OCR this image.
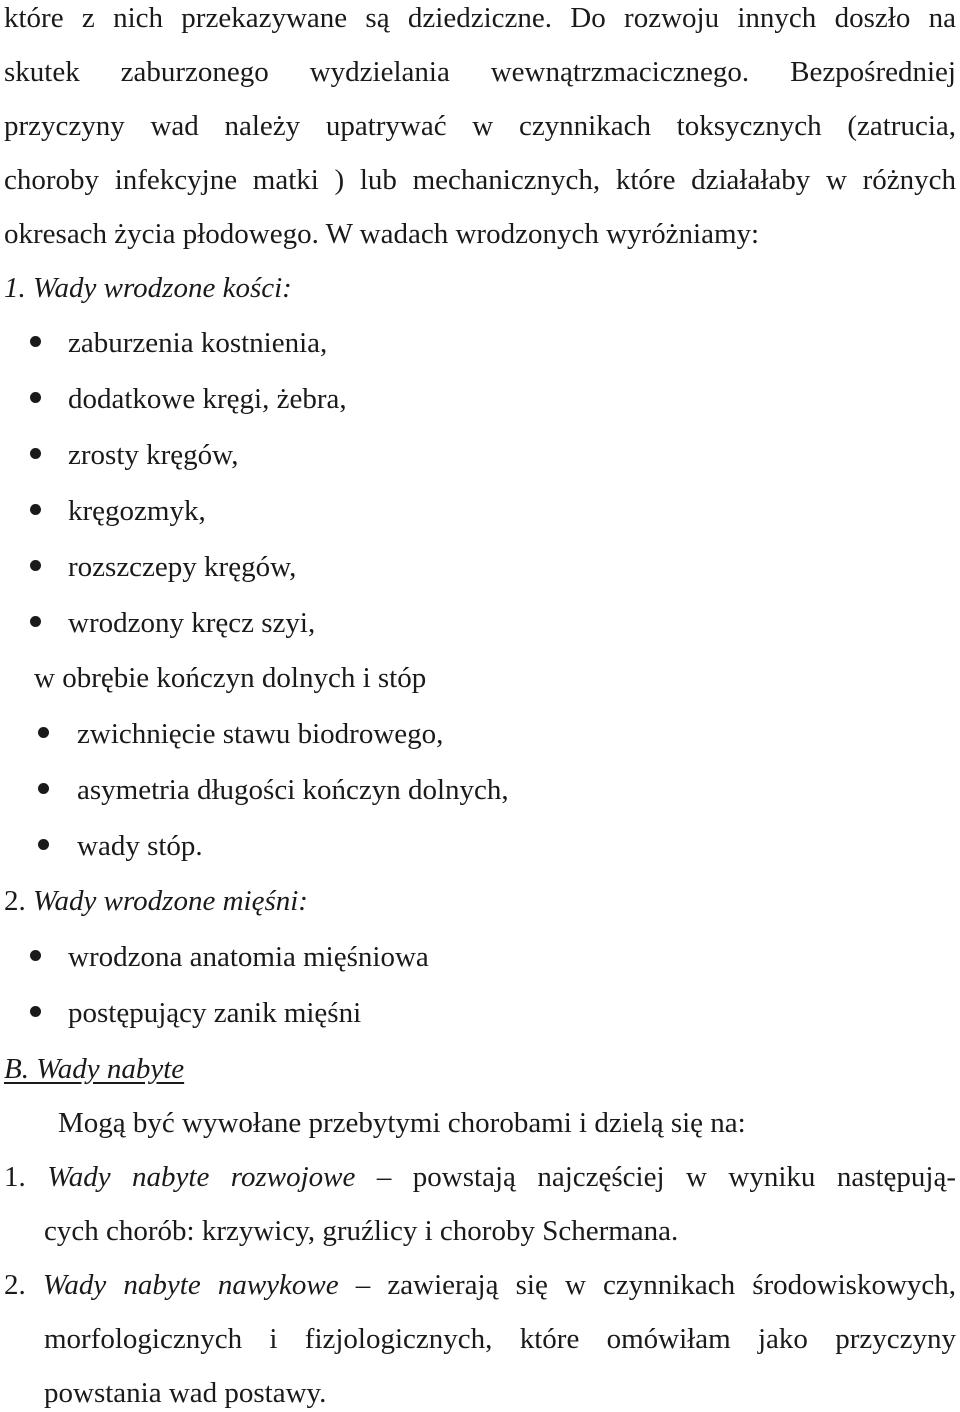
które z nich przekazywane są dziedziczne. Do rozwoju innych doszło na
skutek zaburzonego wydzielania wewnątrzmacicznego. Bezpośredniej
przyczyny wad należy upatrywać w czynnikach toksycznych (zatrucia,
choroby infekcyjne matki ) lub mechanicznych, które działałaby w różnych
okresach życia płodowego. W wadach wrodzonych wyróżniamy:
1. Wady wrodzone kości:
zaburzenia kostnienia,
dodatkowe kręgi, żebra,
zrosty kręgów,
kręgozmyk,
rozszczepy kręgów,
wrodzony kręcz szyi,
w obrębie kończyn dolnych i stóp
zwichnięcie stawu biodrowego,
asymetria długości kończyn dolnych,
wady stóp.
2. Wady wrodzone mięśni:
wrodzona anatomia mięśniowa
postępujący zanik mięśni
B. Wady nabyte
Mogą być wywołane przebytymi chorobami i dzielą się na:
1. Wady nabyte rozwojowe – powstają najczęściej w wyniku następują-
cych chorób: krzywicy, gruźlicy i choroby Schermana.
2. Wady nabyte nawykowe – zawierają się w czynnikach środowiskowych,
morfologicznych i fizjologicznych, które omówiłam jako przyczyny
powstania wad postawy.
